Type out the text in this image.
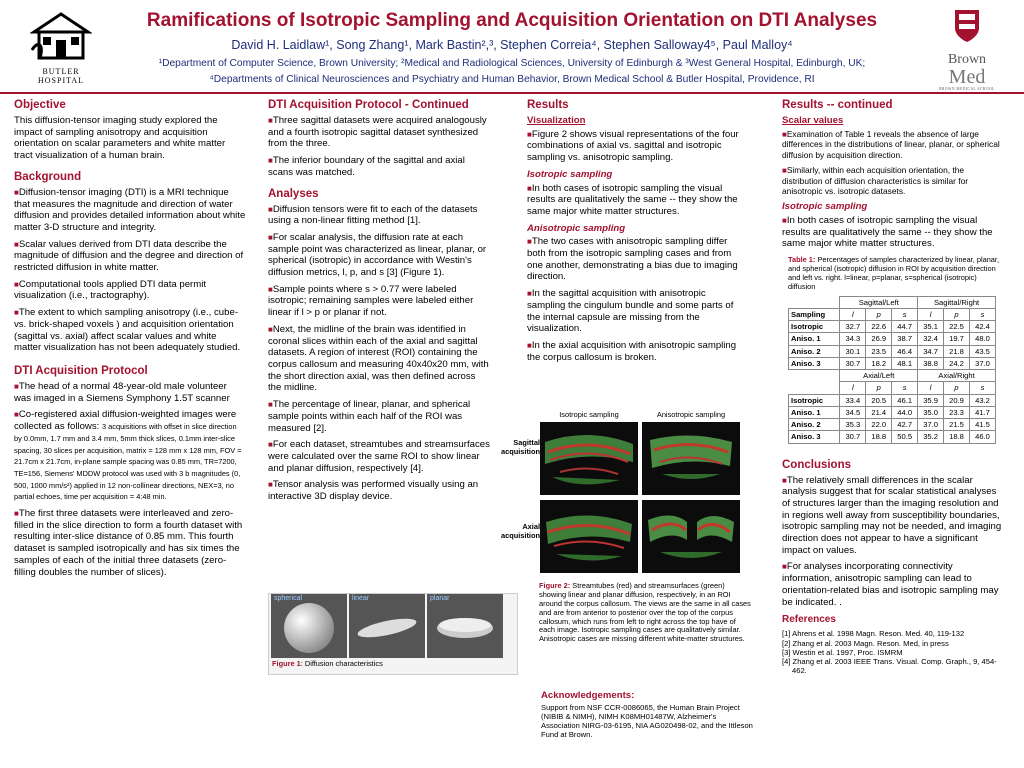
BUTLER
HOSPITAL
Ramifications of Isotropic Sampling and Acquisition Orientation on DTI Analyses
David H. Laidlaw¹, Song Zhang¹, Mark Bastin²,³, Stephen Correia⁴, Stephen Salloway4⁵, Paul Malloy⁴
¹Department of Computer Science, Brown University; ²Medical and Radiological Sciences, University of Edinburgh & ³West General Hospital, Edinburgh, UK;
⁴Departments of Clinical Neurosciences and Psychiatry and Human Behavior, Brown Medical School & Butler Hospital, Providence, RI
Brown
Med
BROWN MEDICAL SCHOOL
Objective

This diffusion-tensor imaging study explored the impact of sampling anisotropy and acquisition orientation on scalar parameters and white matter tract visualization of a human brain.

Background
■ Diffusion-tensor imaging (DTI) is a MRI technique that measures the magnitude and direction of water diffusion and provides detailed information about white matter 3-D structure and integrity.
■ Scalar values derived from DTI data describe the magnitude of diffusion and the degree and direction of restricted diffusion in white matter.
■ Computational tools applied DTI data permit visualization (i.e., tractography).
■ The extent to which sampling anisotropy (i.e., cube- vs. brick-shaped voxels ) and acquisition orientation (sagittal vs. axial) affect scalar values and white matter visualization has not been adequately studied.
DTI Acquisition Protocol
■ The head of a normal 48-year-old male volunteer was imaged in a Siemens Symphony 1.5T scanner
■ Co-registered axial diffusion-weighted images were collected as follows: 3 acquisitions with offset in slice direction by 0.0mm, 1.7 mm and 3.4 mm, 5mm thick slices, 0.1mm inter-slice spacing, 30 slices per acquisition, matrix = 128 mm x 128 mm, FOV = 21.7cm x 21.7cm, in-plane sample spacing was 0.85 mm, TR=7200, TE=156, Siemens' MDDW protocol was used with 3 b magnitudes (0, 500, 1000 mm/s²) applied in 12 non-collinear directions, NEX=3, no partial echoes, time per acquisition = 4:48 min.
■ The first three datasets were interleaved and zero-filled in the slice direction to form a fourth dataset with resulting inter-slice distance of 0.85 mm. This fourth dataset is sampled isotropically and has six times the samples of each of the initial three datasets (zero-filling doubles the number of slices).
DTI Acquisition Protocol - Continued
■ Three sagittal datasets were acquired analogously and a fourth isotropic sagittal dataset synthesized from the three.
■ The inferior boundary of the sagittal and axial scans was matched.
Analyses
■ Diffusion tensors were fit to each of the datasets using a non-linear fitting method [1].
■ For scalar analysis, the diffusion rate at each sample point was characterized as linear, planar, or spherical (isotropic) in accordance with Westin's diffusion metrics, l, p, and s [3] (Figure 1).
■ Sample points where s > 0.77 were labeled isotropic; remaining samples were labeled either linear if l > p or planar if not.
■ Next, the midline of the brain was identified in coronal slices within each of the axial and sagittal datasets. A region of interest (ROI) containing the corpus callosum and measuring 40x40x20 mm, with the short direction axial, was then defined across the midline.
■ The percentage of linear, planar, and spherical sample points within each half of the ROI was measured [2].
■ For each dataset, streamtubes and streamsurfaces were calculated over the same ROI to show linear and planar diffusion, respectively [4].
■ Tensor analysis was performed visually using an interactive 3D display device.
spherical	linear	planar
Figure 1: Diffusion characteristics
Results
Visualization
■ Figure 2 shows visual representations of the four combinations of axial vs. sagittal and isotropic sampling vs. anisotropic sampling.
Isotropic sampling
■ In both cases of isotropic sampling the visual results are qualitatively the same -- they show the same major white matter structures.
Anisotropic sampling
■ The two cases with anisotropic sampling differ both from the isotropic sampling cases and from one another, demonstrating a bias due to imaging direction.
■ In the sagittal acquisition with anisotropic sampling the cingulum bundle and some parts of the internal capsule are missing from the visualization.
■ In the axial acquisition with anisotropic sampling the corpus callosum is broken.
Isotropic sampling	Anisotropic sampling
Sagittal acquisition
Axial acquisition
Figure 2: Streamtubes (red) and streamsurfaces (green) showing linear and planar diffusion, respectively, in an ROI around the corpus callosum. The views are the same in all cases and are from anterior to posterior over the top of the corpus callosum, which runs from left to right across the top have of each image. Isotropic sampling cases are qualitatively similar. Anisotropic cases are missing different white-matter structures.
Acknowledgements:
Support from NSF CCR-0086065, the Human Brain Project (NIBIB & NIMH), NIMH K08MH01487W, Alzheimer's Association NIRG-03-6195, NIA AG020498-02, and the Ittleson Fund at Brown.
Results -- continued
Scalar values
■ Examination of Table 1 reveals the absence of large differences in the distributions of linear, planar, or spherical diffusion by acquisition direction.
■ Similarly, within each acquisition orientation, the distribution of diffusion characteristics is similar for anisotropic vs. isotropic datasets.
Isotropic sampling
■ In both cases of isotropic sampling the visual results are qualitatively the same -- they show the same major white matter structures.
Table 1: Percentages of samples characterized by linear, planar, and spherical (isotropic) diffusion in ROI by acquisition direction and left vs. right. l=linear, p=planar, s=spherical (isotropic) diffusion
	Sagittal/Left			Sagittal/Right		
Sampling	l	p	s	l	p	s
Isotropic	32.7	22.6	44.7	35.1	22.5	42.4
Aniso. 1	34.3	26.9	38.7	32.4	19.7	48.0
Aniso. 2	30.1	23.5	46.4	34.7	21.8	43.5
Aniso. 3	30.7	18.2	48.1	38.8	24.2	37.0
	Axial/Left			Axial/Right		
	l	p	s	l	p	s
Isotropic	33.4	20.5	46.1	35.9	20.9	43.2
Aniso. 1	34.5	21.4	44.0	35.0	23.3	41.7
Aniso. 2	35.3	22.0	42.7	37.0	21.5	41.5
Aniso. 3	30.7	18.8	50.5	35.2	18.8	46.0
Conclusions
■ The relatively small differences in the scalar analysis suggest that for scalar statistical analyses of structures larger than the imaging resolution and in regions well away from susceptibility boundaries, isotropic sampling may not be needed, and imaging direction does not appear to have a significant impact on values.
■ For analyses incorporating connectivity information, anisotropic sampling can lead to orientation-related bias and isotropic sampling may be indicated. .
References
[1] Ahrens et al. 1998 Magn. Reson. Med. 40, 119-132
[2] Zhang et al. 2003 Magn. Reson. Med, in press
[3] Westin et al. 1997, Proc. ISMRM
[4] Zhang et al. 2003 IEEE Trans. Visual. Comp. Graph., 9, 454-462.
